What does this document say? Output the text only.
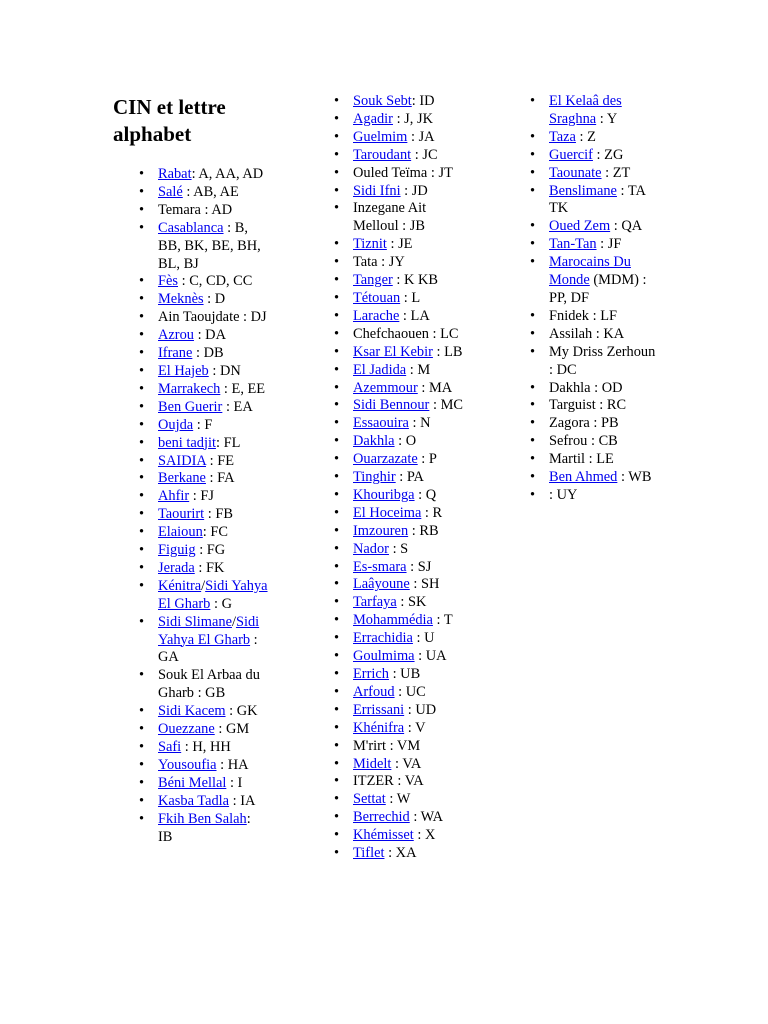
CIN et lettre alphabet
• Rabat: A, AA, AD
• Salé : AB, AE
• Temara : AD
• Casablanca : B, BB, BK, BE, BH, BL, BJ
• Fès : C, CD, CC
• Meknès : D
• Ain Taoujdate : DJ
• Azrou : DA
• Ifrane : DB
• El Hajeb : DN
• Marrakech : E, EE
• Ben Guerir : EA
• Oujda : F
• beni tadjit: FL
• SAIDIA : FE
• Berkane : FA
• Ahfir : FJ
• Taourirt : FB
• Elaioun: FC
• Figuig : FG
• Jerada : FK
• Kénitra/Sidi Yahya El Gharb : G
• Sidi Slimane/Sidi Yahya El Gharb : GA
• Souk El Arbaa du Gharb : GB
• Sidi Kacem : GK
• Ouezzane : GM
• Safi : H, HH
• Yousoufia : HA
• Béni Mellal : I
• Kasba Tadla : IA
• Fkih Ben Salah: IB
• Souk Sebt: ID
• Agadir : J, JK
• Guelmim : JA
• Taroudant : JC
• Ouled Teïma : JT
• Sidi Ifni : JD
• Inzegane Ait Melloul : JB
• Tiznit : JE
• Tata : JY
• Tanger : K KB
• Tétouan : L
• Larache : LA
• Chefchaouen : LC
• Ksar El Kebir : LB
• El Jadida : M
• Azemmour : MA
• Sidi Bennour : MC
• Essaouira : N
• Dakhla : O
• Ouarzazate : P
• Tinghir : PA
• Khouribga : Q
• El Hoceima : R
• Imzouren : RB
• Nador : S
• Es-smara : SJ
• Laâyoune : SH
• Tarfaya : SK
• Mohammédia : T
• Errachidia : U
• Goulmima : UA
• Errich : UB
• Arfoud : UC
• Errissani : UD
• Khénifra : V
• M'rirt : VM
• Midelt : VA
• ITZER : VA
• Settat : W
• Berrechid : WA
• Khémisset : X
• Tiflet : XA
• El Kelaâ des Sraghna : Y
• Taza : Z
• Guercif : ZG
• Taounate : ZT
• Benslimane : TA TK
• Oued Zem : QA
• Tan-Tan : JF
• Marocains Du Monde (MDM) : PP, DF
• Fnidek : LF
• Assilah : KA
• My Driss Zerhoun : DC
• Dakhla : OD
• Targuist : RC
• Zagora : PB
• Sefrou : CB
• Martil : LE
• Ben Ahmed : WB
• : UY
